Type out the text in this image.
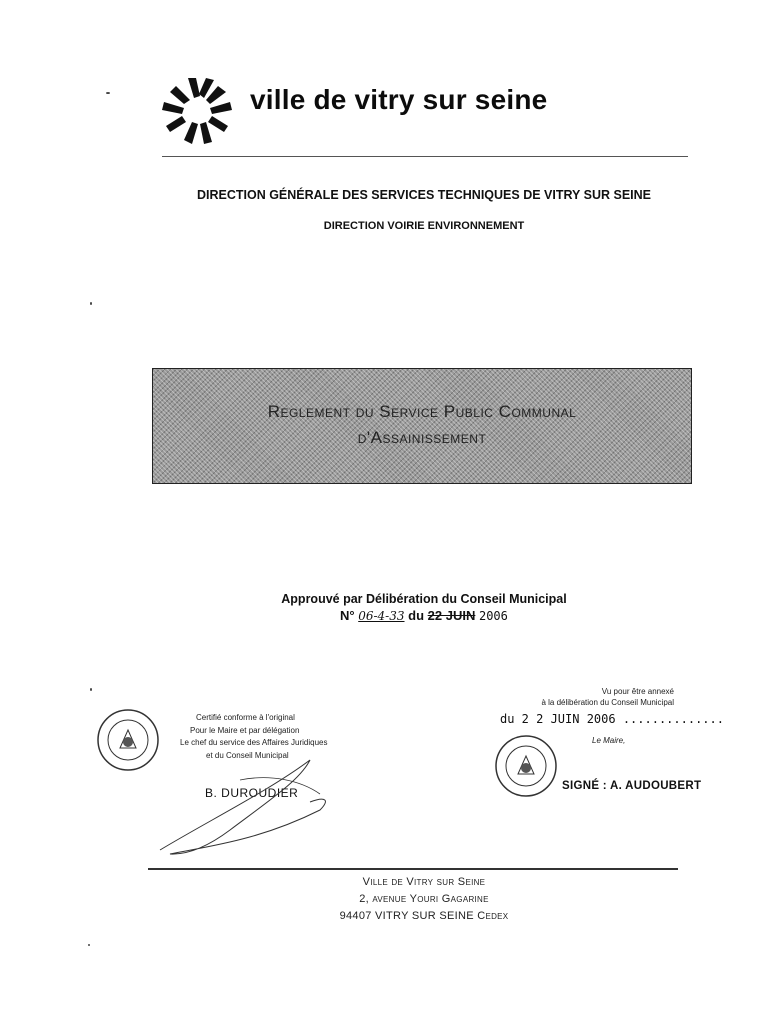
ville de vitry sur seine
DIRECTION GÉNÉRALE DES SERVICES TECHNIQUES DE VITRY SUR SEINE
DIRECTION VOIRIE ENVIRONNEMENT
Reglement du Service Public Communal
d'Assainissement
Approuvé par Délibération du Conseil Municipal
N° 06-4-33 du 22 JUIN 2006
Certifié conforme à l'original
Pour le Maire et par délégation
Le chef du service des Affaires Juridiques
et du Conseil Municipal
B. DUROUDIER
Vu pour être annexé
à la délibération du Conseil Municipal
du 2 2 JUIN 2006 ..............
Le Maire,
SIGNÉ : A. AUDOUBERT
Ville de Vitry sur Seine
2, avenue Youri Gagarine
94407 VITRY SUR SEINE Cedex
